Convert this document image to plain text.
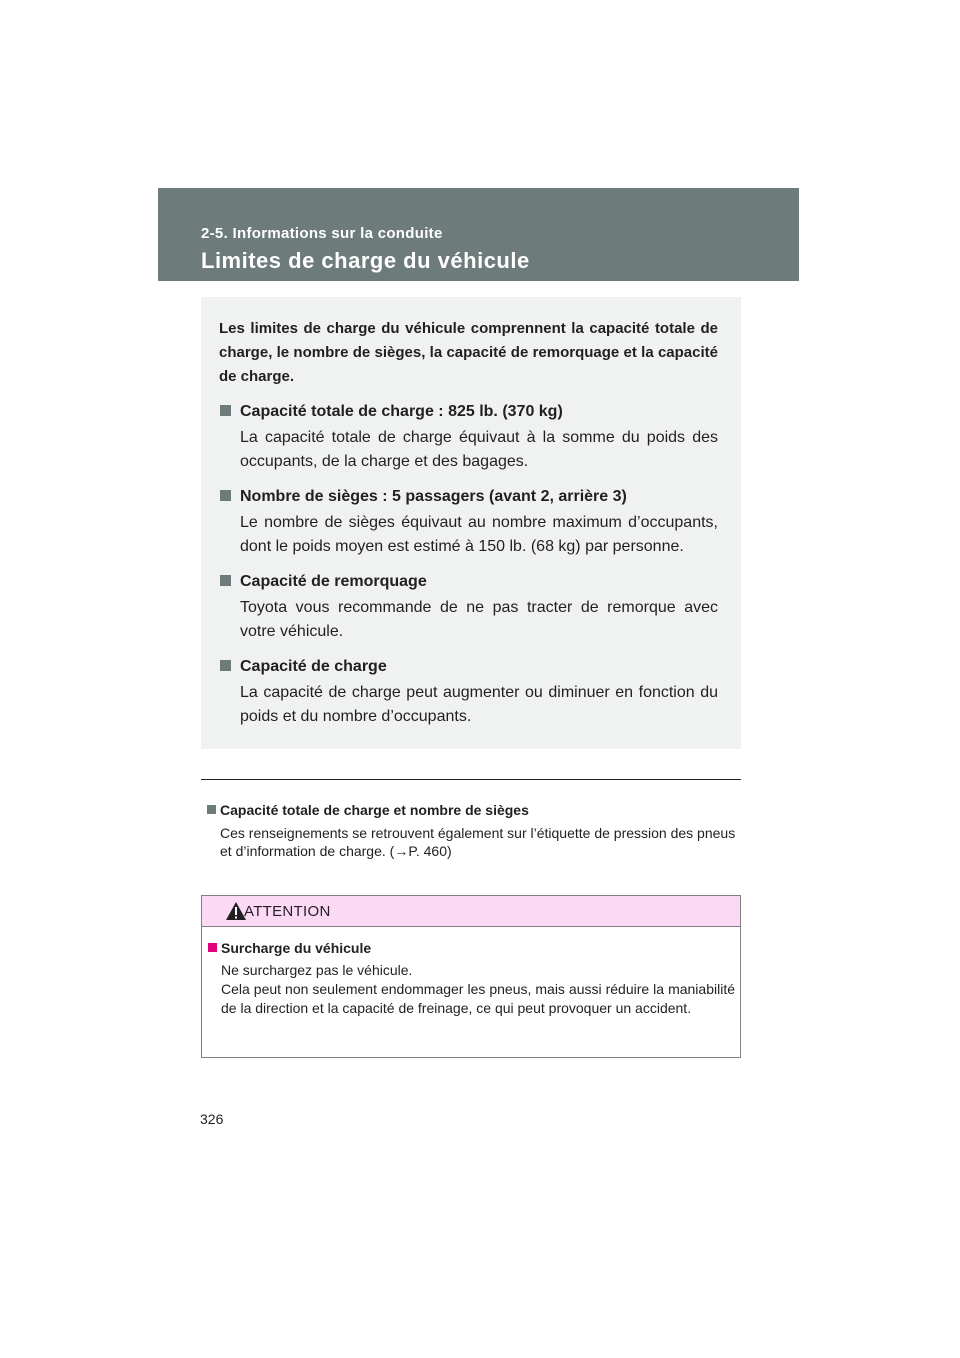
2-5. Informations sur la conduite
Limites de charge du véhicule

Les limites de charge du véhicule comprennent la capacité totale de charge, le nombre de sièges, la capacité de remorquage et la capacité de charge.

Capacité totale de charge : 825 lb. (370 kg)
La capacité totale de charge équivaut à la somme du poids des occupants, de la charge et des bagages.
Nombre de sièges : 5 passagers (avant 2, arrière 3)
Le nombre de sièges équivaut au nombre maximum d’occupants, dont le poids moyen est estimé à 150 lb. (68 kg) par personne.
Capacité de remorquage
Toyota vous recommande de ne pas tracter de remorque avec votre véhicule.
Capacité de charge
La capacité de charge peut augmenter ou diminuer en fonction du poids et du nombre d’occupants.
Capacité totale de charge et nombre de sièges
Ces renseignements se retrouvent également sur l’étiquette de pression des pneus et d’information de charge. (→P. 460)
ATTENTION
Surcharge du véhicule
Ne surchargez pas le véhicule.
Cela peut non seulement endommager les pneus, mais aussi réduire la maniabilité de la direction et la capacité de freinage, ce qui peut provoquer un accident.
326
